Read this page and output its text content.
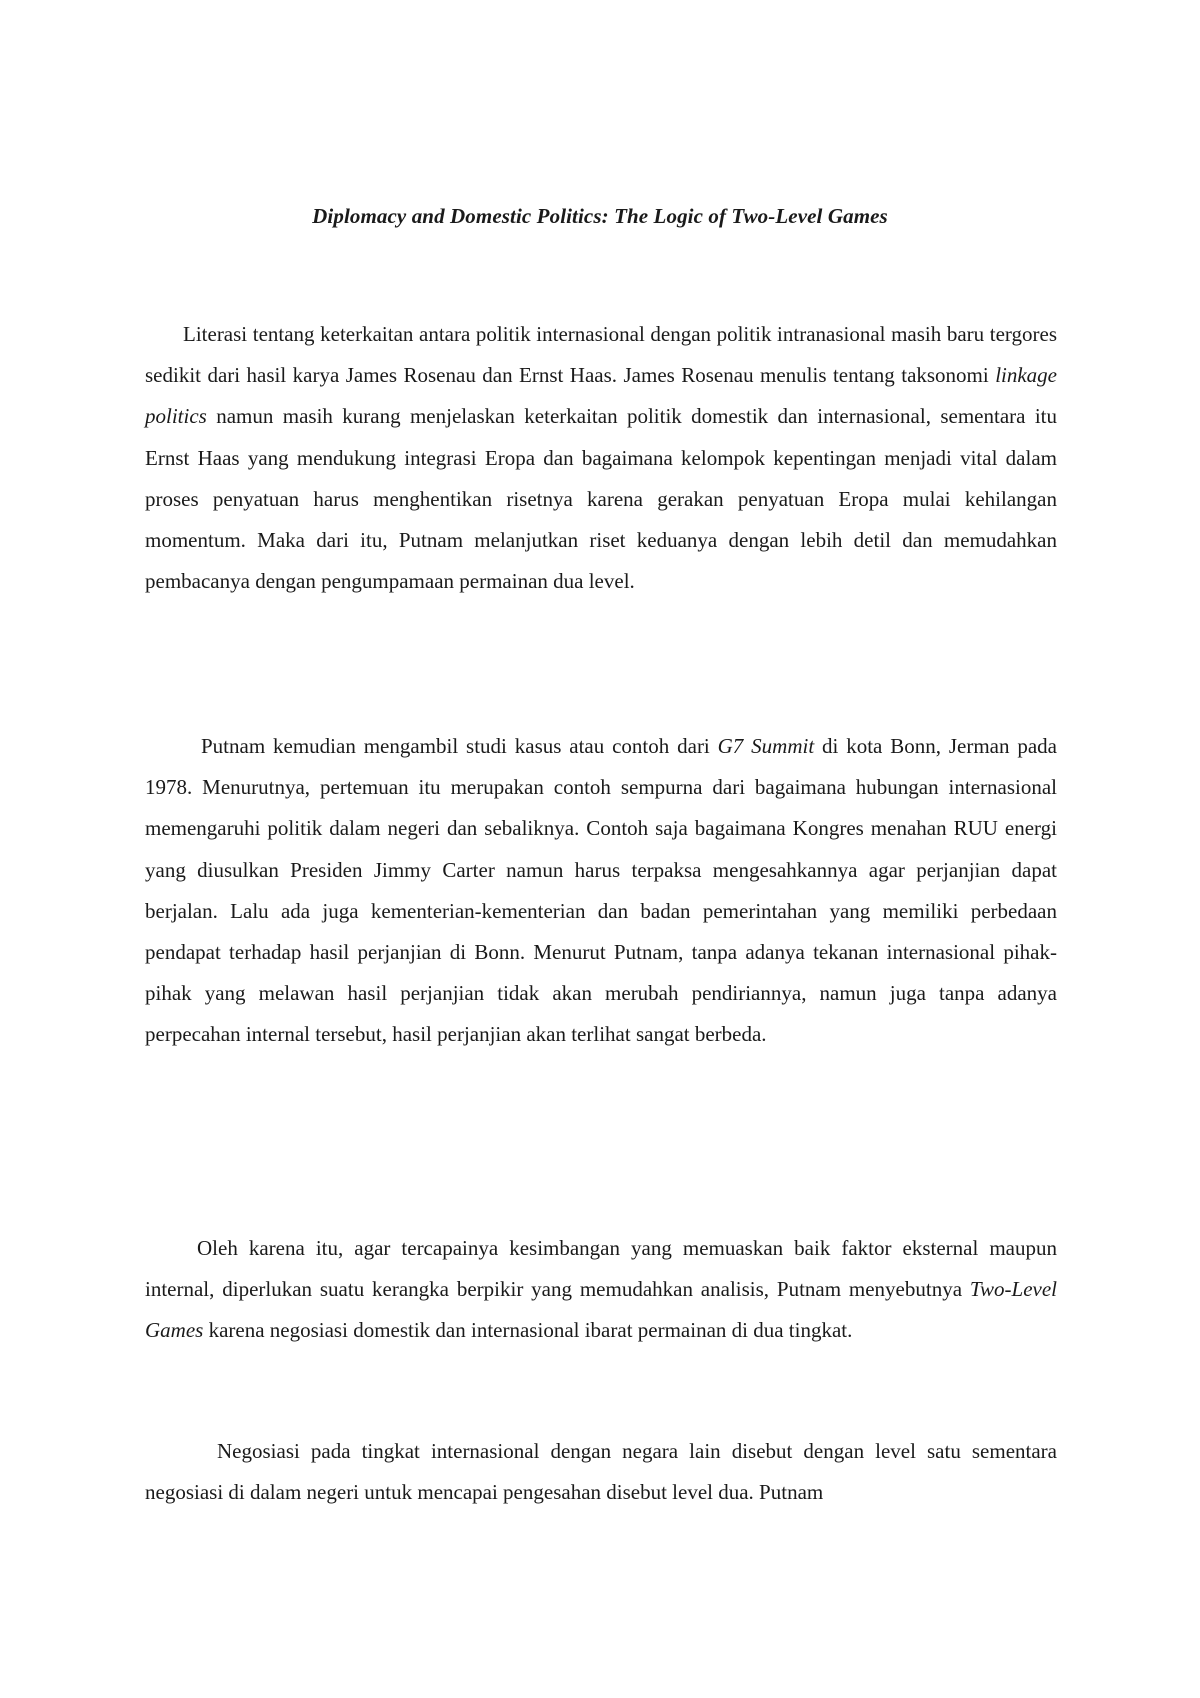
Diplomacy and Domestic Politics: The Logic of Two-Level Games

Literasi tentang keterkaitan antara politik internasional dengan politik intranasional masih baru tergores sedikit dari hasil karya James Rosenau dan Ernst Haas. James Rosenau menulis tentang taksonomi linkage politics namun masih kurang menjelaskan keterkaitan politik domestik dan internasional, sementara itu Ernst Haas yang mendukung integrasi Eropa dan bagaimana kelompok kepentingan menjadi vital dalam proses penyatuan harus menghentikan risetnya karena gerakan penyatuan Eropa mulai kehilangan momentum. Maka dari itu, Putnam melanjutkan riset keduanya dengan lebih detil dan memudahkan pembacanya dengan pengumpamaan permainan dua level.

Putnam kemudian mengambil studi kasus atau contoh dari G7 Summit di kota Bonn, Jerman pada 1978. Menurutnya, pertemuan itu merupakan contoh sempurna dari bagaimana hubungan internasional memengaruhi politik dalam negeri dan sebaliknya. Contoh saja bagaimana Kongres menahan RUU energi yang diusulkan Presiden Jimmy Carter namun harus terpaksa mengesahkannya agar perjanjian dapat berjalan. Lalu ada juga kementerian-kementerian dan badan pemerintahan yang memiliki perbedaan pendapat terhadap hasil perjanjian di Bonn. Menurut Putnam, tanpa adanya tekanan internasional pihak-pihak yang melawan hasil perjanjian tidak akan merubah pendiriannya, namun juga tanpa adanya perpecahan internal tersebut, hasil perjanjian akan terlihat sangat berbeda.

Oleh karena itu, agar tercapainya kesimbangan yang memuaskan baik faktor eksternal maupun internal, diperlukan suatu kerangka berpikir yang memudahkan analisis, Putnam menyebutnya Two-Level Games karena negosiasi domestik dan internasional ibarat permainan di dua tingkat.

Negosiasi pada tingkat internasional dengan negara lain disebut dengan level satu sementara negosiasi di dalam negeri untuk mencapai pengesahan disebut level dua. Putnam
